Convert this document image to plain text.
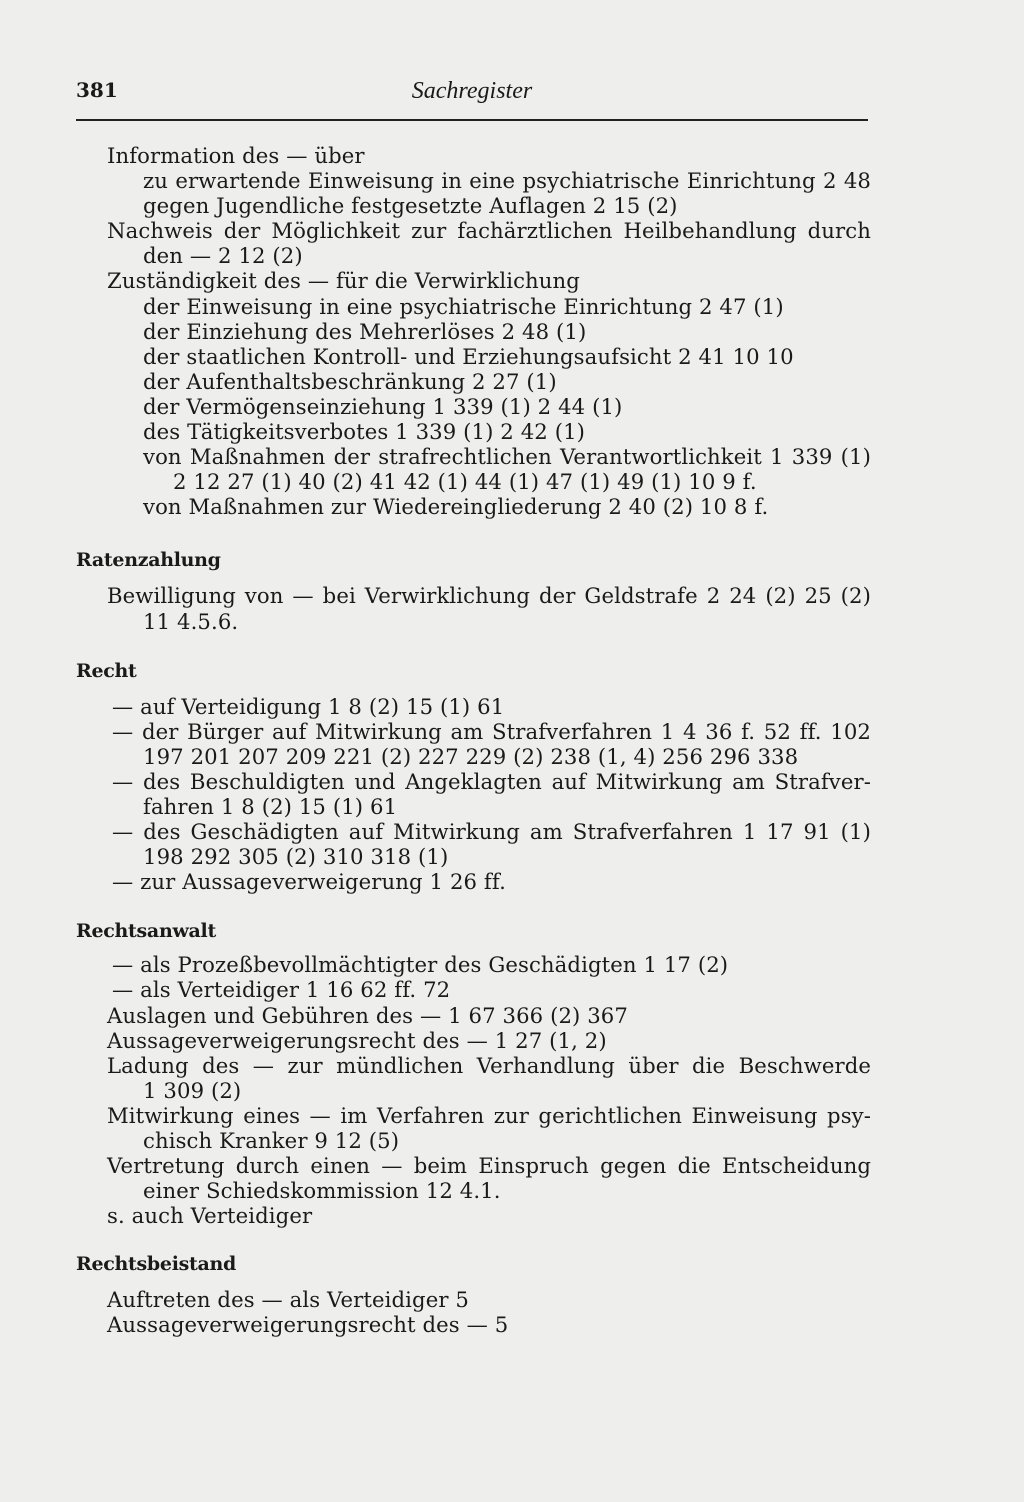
381	Sachregister
Information des — über
zu erwartende Einweisung in eine psychiatrische Einrichtung 2 48
gegen Jugendliche festgesetzte Auflagen 2 15 (2)
Nachweis der Möglichkeit zur fachärztlichen Heilbehandlung durch
den — 2 12 (2)
Zuständigkeit des — für die Verwirklichung
der Einweisung in eine psychiatrische Einrichtung 2 47 (1)
der Einziehung des Mehrerlöses 2 48 (1)
der staatlichen Kontroll- und Erziehungsaufsicht 2 41 10 10
der Aufenthaltsbeschränkung 2 27 (1)
der Vermögenseinziehung 1 339 (1) 2 44 (1)
des Tätigkeitsverbotes 1 339 (1) 2 42 (1)
von Maßnahmen der strafrechtlichen Verantwortlichkeit 1 339 (1)
2 12 27 (1) 40 (2) 41 42 (1) 44 (1) 47 (1) 49 (1) 10 9 f.
von Maßnahmen zur Wiedereingliederung 2 40 (2) 10 8 f.
Ratenzahlung
Bewilligung von — bei Verwirklichung der Geldstrafe 2 24 (2) 25 (2)
11 4.5.6.
Recht
— auf Verteidigung 1 8 (2) 15 (1) 61
— der Bürger auf Mitwirkung am Strafverfahren 1 4 36 f. 52 ff. 102
197 201 207 209 221 (2) 227 229 (2) 238 (1, 4) 256 296 338
— des Beschuldigten und Angeklagten auf Mitwirkung am Strafver-
fahren 1 8 (2) 15 (1) 61
— des Geschädigten auf Mitwirkung am Strafverfahren 1 17 91 (1)
198 292 305 (2) 310 318 (1)
— zur Aussageverweigerung 1 26 ff.
Rechtsanwalt
— als Prozeßbevollmächtigter des Geschädigten 1 17 (2)
— als Verteidiger 1 16 62 ff. 72
Auslagen und Gebühren des — 1 67 366 (2) 367
Aussageverweigerungsrecht des — 1 27 (1, 2)
Ladung des — zur mündlichen Verhandlung über die Beschwerde
1 309 (2)
Mitwirkung eines — im Verfahren zur gerichtlichen Einweisung psy-
chisch Kranker 9 12 (5)
Vertretung durch einen — beim Einspruch gegen die Entscheidung
einer Schiedskommission 12 4.1.
s. auch Verteidiger
Rechtsbeistand
Auftreten des — als Verteidiger 5
Aussageverweigerungsrecht des — 5
